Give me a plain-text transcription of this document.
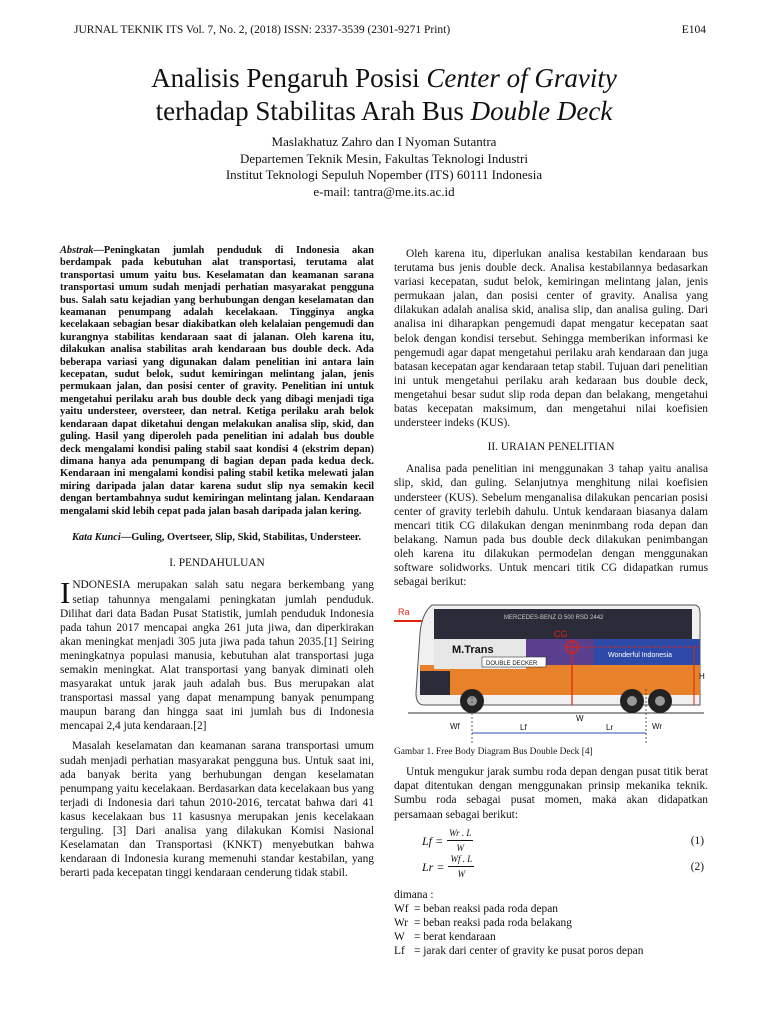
JURNAL TEKNIK ITS Vol. 7, No. 2, (2018) ISSN: 2337-3539 (2301-9271 Print)	E104
Analisis Pengaruh Posisi Center of Gravity
terhadap Stabilitas Arah Bus Double Deck
Maslakhatuz Zahro dan I Nyoman Sutantra
Departemen Teknik Mesin, Fakultas Teknologi Industri
Institut Teknologi Sepuluh Nopember (ITS) 60111 Indonesia
e-mail: tantra@me.its.ac.id
Abstrak—Peningkatan jumlah penduduk di Indonesia akan berdampak pada kebutuhan alat transportasi, terutama alat transportasi umum yaitu bus. Keselamatan dan keamanan sarana transportasi umum sudah menjadi perhatian masyarakat pengguna bus. Salah satu kejadian yang berhubungan dengan keselamatan dan keamanan penumpang adalah kecelakaan. Tingginya angka kecelakaan sebagian besar diakibatkan oleh kelalaian pengemudi dan kurangnya stabilitas kendaraan saat di jalanan. Oleh karena itu, dilakukan analisa stabilitas arah kendaraan bus double deck. Ada beberapa variasi yang digunakan dalam penelitian ini antara lain kecepatan, sudut belok, sudut kemiringan melintang jalan, jenis permukaan jalan, dan posisi center of gravity. Penelitian ini untuk mengetahui perilaku arah bus double deck yang dibagi menjadi tiga yaitu understeer, oversteer, dan netral. Ketiga perilaku arah belok kendaraan dapat diketahui dengan melakukan analisa slip, skid, dan guling. Hasil yang diperoleh pada penelitian ini adalah bus double deck mengalami kondisi paling stabil saat kondisi 4 (ekstrim depan) dimana hanya ada penumpang di bagian depan pada kedua deck. Kendaraan ini mengalami kondisi paling stabil ketika melewati jalan miring daripada jalan datar karena sudut slip nya semakin kecil dengan bertambahnya sudut kemiringan melintang jalan. Kendaraan mengalami skid lebih cepat pada jalan basah daripada jalan kering.
Kata Kunci—Guling, Overtseer, Slip, Skid, Stabilitas, Understeer.
I. PENDAHULUAN

INDONESIA merupakan salah satu negara berkembang yang setiap tahunnya mengalami peningkatan jumlah penduduk. Dilihat dari data Badan Pusat Statistik, jumlah penduduk Indonesia pada tahun 2017 mencapai angka 261 juta jiwa, dan diperkirakan akan meningkat menjadi 305 juta jiwa pada tahun 2035.[1] Seiring meningkatnya populasi manusia, kebutuhan alat transportasi juga semakin meningkat. Alat transportasi yang banyak diminati oleh masyarakat untuk jarak jauh adalah bus. Bus merupakan alat transportasi massal yang dapat menampung banyak penumpang maupun barang dan hingga saat ini jumlah bus di Indonesia mencapai 2,4 juta kendaraan.[2]

Masalah keselamatan dan keamanan sarana transportasi umum sudah menjadi perhatian masyarakat pengguna bus. Untuk saat ini, ada banyak berita yang berhubungan dengan keselamatan penumpang yaitu kecelakaan. Berdasarkan data kecelakaan bus yang terjadi di Indonesia dari tahun 2010-2016, tercatat bahwa dari 41 kasus kecelakaan bus 11 kasusnya merupakan jenis kecelakaan terguling. [3] Dari analisa yang dilakukan Komisi Nasional Keselamatan dan Transportasi (KNKT) menyebutkan bahwa kendaraan di Indonesia kurang memenuhi standar kestabilan, yang berarti pada kecepatan tinggi kendaraan cenderung tidak stabil.

Oleh karena itu, diperlukan analisa kestabilan kendaraan bus terutama bus jenis double deck. Analisa kestabilannya bedasarkan variasi kecepatan, sudut belok, kemiringan melintang jalan, jenis permukaan jalan, dan posisi center of gravity. Analisa yang dilakukan adalah analisa skid, analisa slip, dan analisa guling. Dari analisa ini diharapkan pengemudi dapat mengatur kecepatan saat belok dengan kondisi tersebut. Sehingga memberikan informasi ke pengemudi agar dapat mengetahui perilaku arah kendaraan dan juga batasan kecepatan agar kendaraan tetap stabil. Tujuan dari penelitian ini untuk mengetahui perilaku arah kedaraan bus double deck, mengetahui besar sudut slip roda depan dan belakang, mengetahui batas kecepatan maksimum, dan mengetahui nilai koefisien understeer indeks (KUS).

II. URAIAN PENELITIAN

Analisa pada penelitian ini menggunakan 3 tahap yaitu analisa slip, skid, dan guling. Selanjutnya menghitung nilai koefisien understeer (KUS). Sebelum menganalisa dilakukan pencarian posisi center of gravity terlebih dahulu. Untuk kendaraan biasanya dalam mencari titik CG dilakukan dengan meninmbang roda depan dan belakang. Namun pada bus double deck dilakukan penimbangan oleh karena itu dilakukan permodelan dengan menggunakan software solidworks. Untuk mencari titik CG didapatkan rumus sebagai berikut:

Ra
MERCEDES-BENZ O 500 RSD 2442
Wonderful Indonesia
M.Trans
DOUBLE DECKER
CG
H
Lf	Lr
W
Wf	Wr
Gambar 1. Free Body Diagram Bus Double Deck [4]

Untuk mengukur jarak sumbu roda depan dengan pusat titik berat dapat ditentukan dengan menggunakan prinsip mekanika teknik. Sumbu roda sebagai pusat momen, maka akan didapatkan persamaan sebagai berikut:

$Lf = \frac{Wr . L}{W}$	(1)
$Lr = \frac{Wf . L}{W}$	(2)
dimana :
Wf = beban reaksi pada roda depan
Wr = beban reaksi pada roda belakang
W = berat kendaraan
Lf = jarak dari center of gravity ke pusat poros depan
